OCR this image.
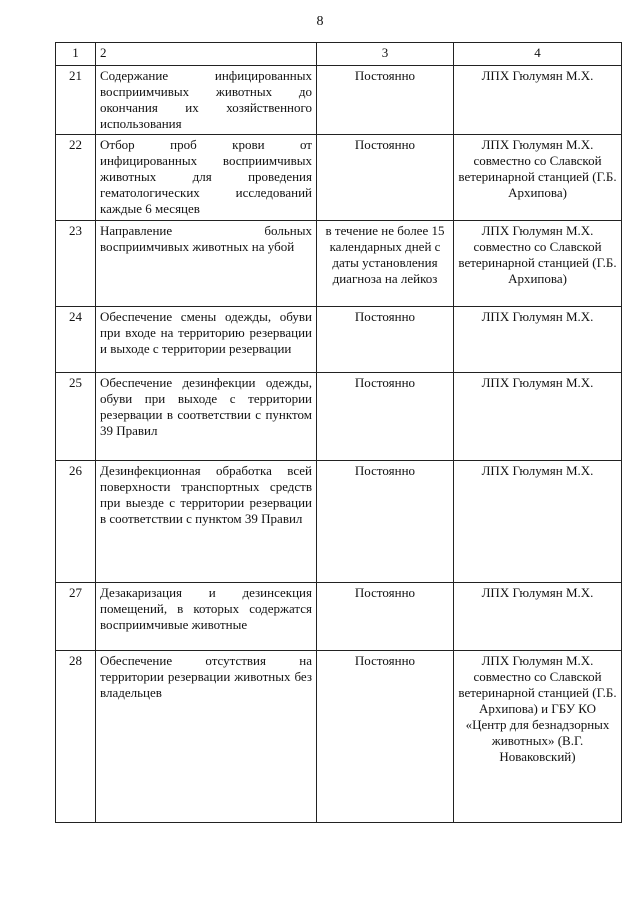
8
1	2	3	4
21	Содержание инфицированных восприимчивых животных до окончания их хозяйственного использования	Постоянно	ЛПХ Гюлумян М.Х.
22	Отбор проб крови от инфицированных восприимчивых животных для проведения гематологических исследований каждые 6 месяцев	Постоянно	ЛПХ Гюлумян М.Х. совместно со Славской ветеринарной станцией (Г.Б. Архипова)
23	Направление больных восприимчивых животных на убой	в течение не более 15 календарных дней с даты установления диагноза на лейкоз	ЛПХ Гюлумян М.Х. совместно со Славской ветеринарной станцией (Г.Б. Архипова)
24	Обеспечение смены одежды, обуви при входе на территорию резервации и выходе с территории резервации	Постоянно	ЛПХ Гюлумян М.Х.
25	Обеспечение дезинфекции одежды, обуви при выходе с территории резервации в соответствии с пунктом 39 Правил	Постоянно	ЛПХ Гюлумян М.Х.
26	Дезинфекционная обработка всей поверхности транспортных средств при выезде с территории резервации в соответствии с пунктом 39 Правил	Постоянно	ЛПХ Гюлумян М.Х.
27	Дезакаризация и дезинсекция помещений, в которых содержатся восприимчивые животные	Постоянно	ЛПХ Гюлумян М.Х.
28	Обеспечение отсутствия на территории резервации животных без владельцев	Постоянно	ЛПХ Гюлумян М.Х. совместно со Славской ветеринарной станцией (Г.Б. Архипова) и ГБУ КО «Центр для безнадзорных животных» (В.Г. Новаковский)
